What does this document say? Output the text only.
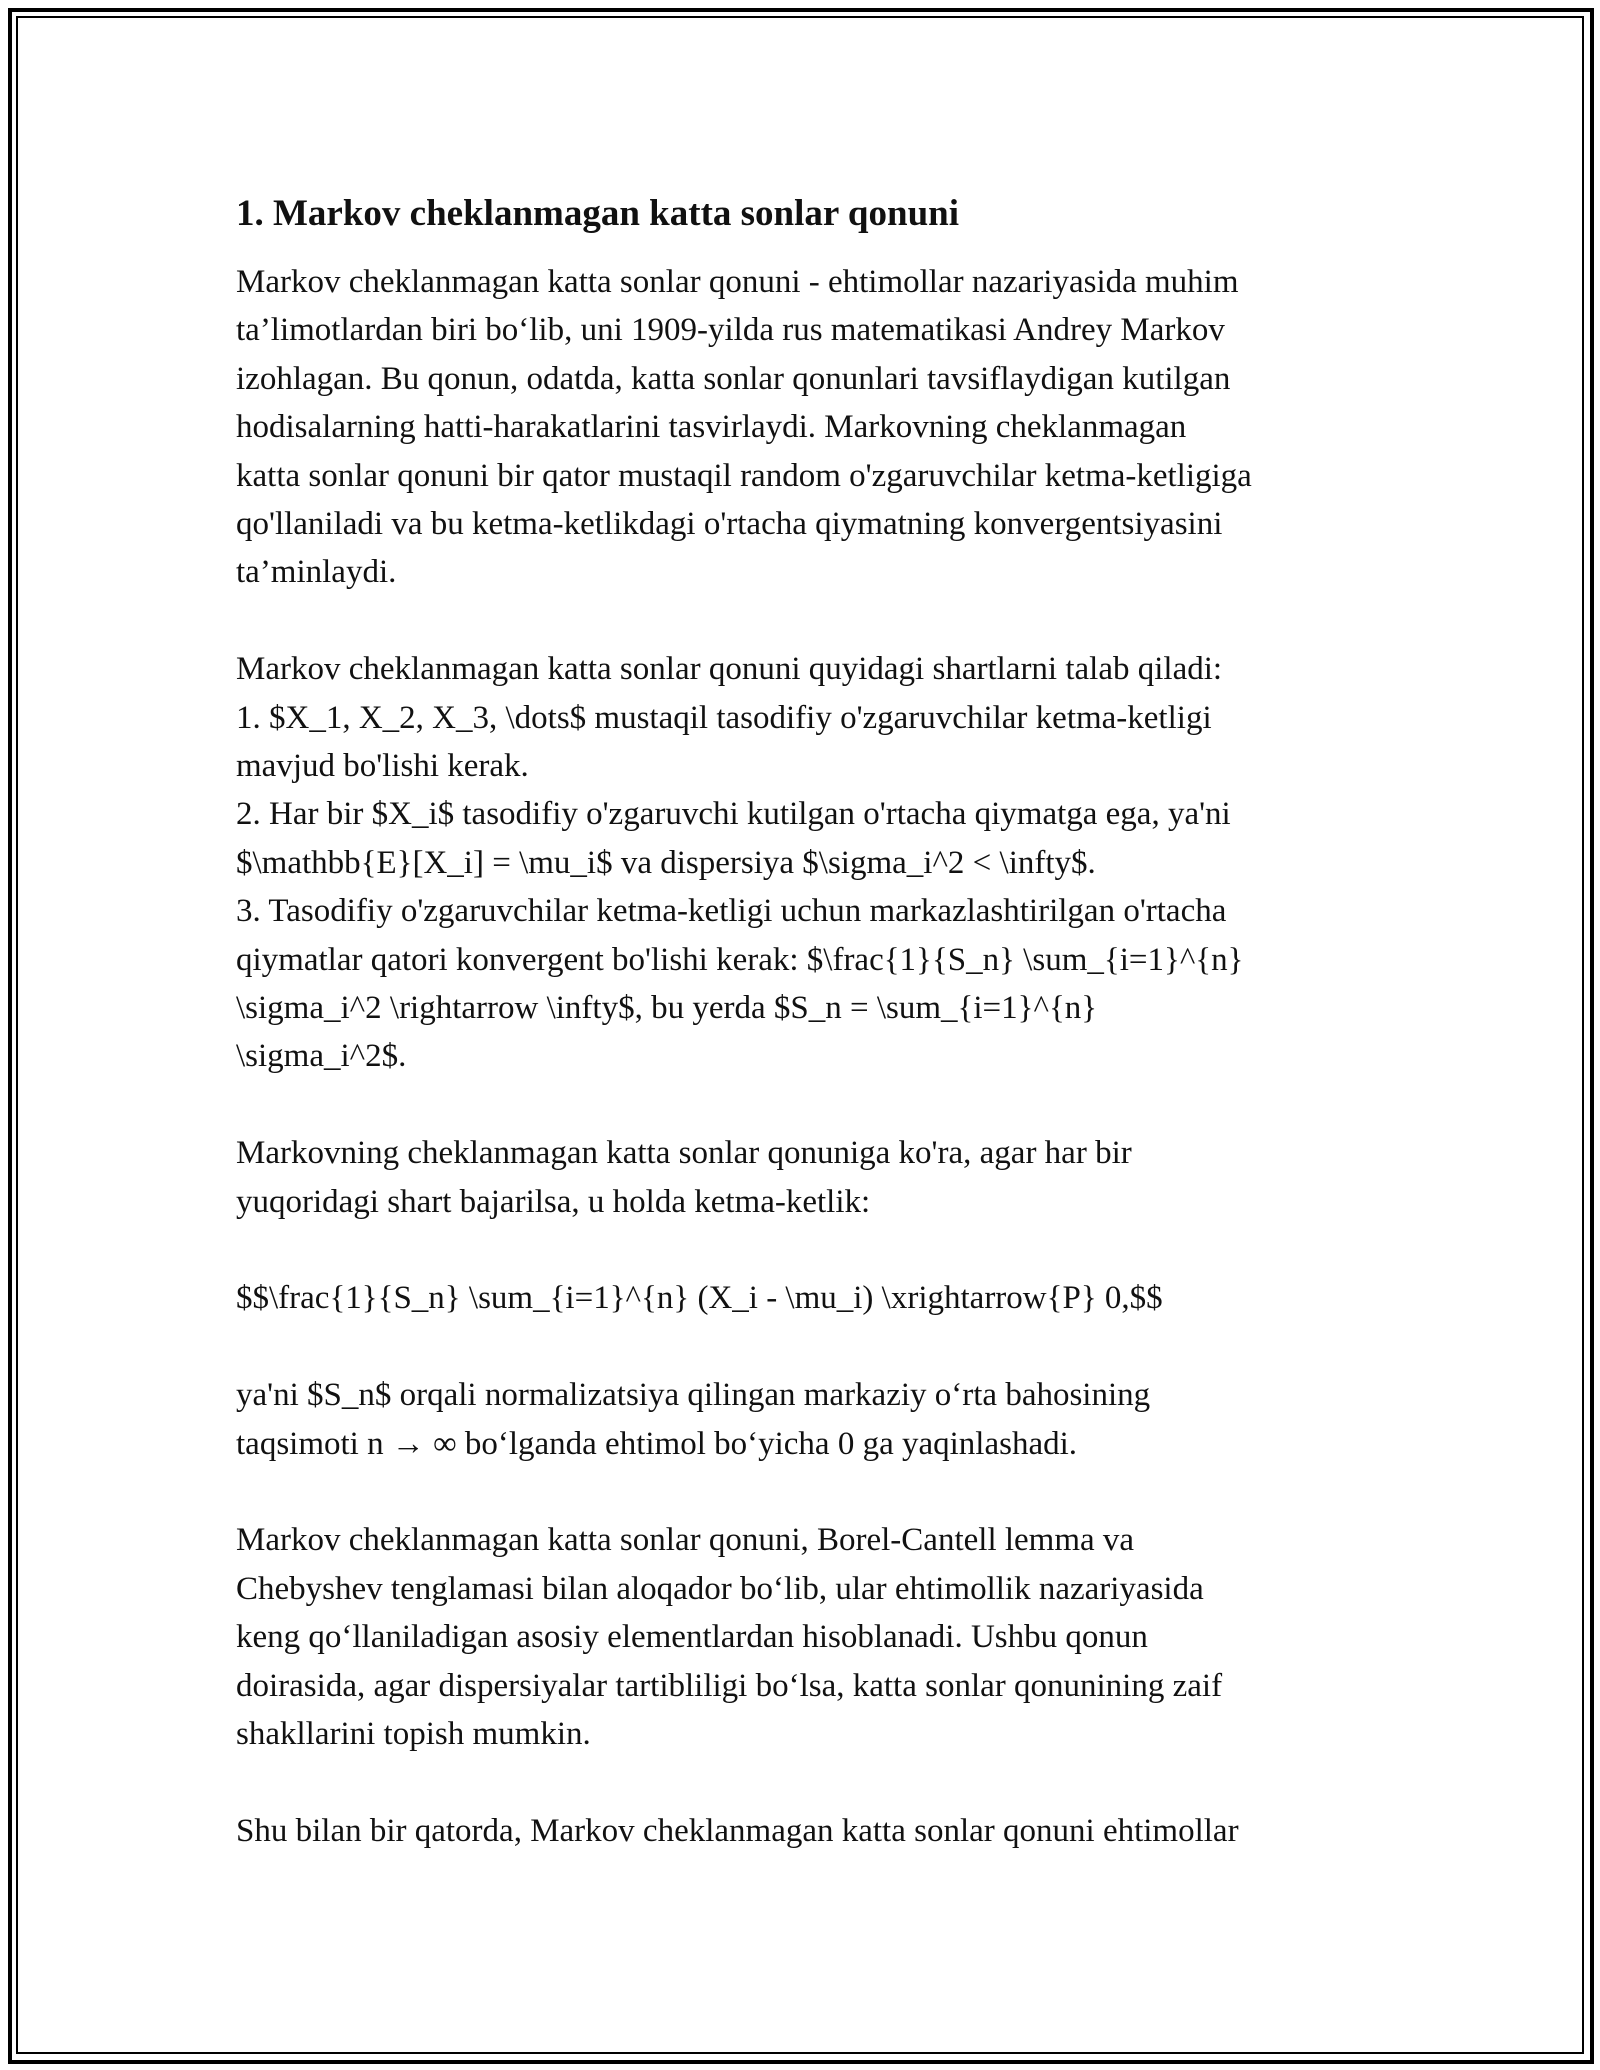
1. Markov cheklanmagan katta sonlar qonuni

Markov cheklanmagan katta sonlar qonuni - ehtimollar nazariyasida muhim
ta’limotlardan biri bo‘lib, uni 1909-yilda rus matematikasi Andrey Markov
izohlagan. Bu qonun, odatda, katta sonlar qonunlari tavsiflaydigan kutilgan
hodisalarning hatti-harakatlarini tasvirlaydi. Markovning cheklanmagan
katta sonlar qonuni bir qator mustaqil random o'zgaruvchilar ketma-ketligiga
qo'llaniladi va bu ketma-ketlikdagi o'rtacha qiymatning konvergentsiyasini
ta’minlaydi.

Markov cheklanmagan katta sonlar qonuni quyidagi shartlarni talab qiladi:
1. $X_1, X_2, X_3, \dots$ mustaqil tasodifiy o'zgaruvchilar ketma-ketligi
mavjud bo'lishi kerak.
2. Har bir $X_i$ tasodifiy o'zgaruvchi kutilgan o'rtacha qiymatga ega, ya'ni
$\mathbb{E}[X_i] = \mu_i$ va dispersiya $\sigma_i^2 < \infty$.
3. Tasodifiy o'zgaruvchilar ketma-ketligi uchun markazlashtirilgan o'rtacha
qiymatlar qatori konvergent bo'lishi kerak: $\frac{1}{S_n} \sum_{i=1}^{n}
\sigma_i^2 \rightarrow \infty$, bu yerda $S_n = \sum_{i=1}^{n}
\sigma_i^2$.

Markovning cheklanmagan katta sonlar qonuniga ko'ra, agar har bir
yuqoridagi shart bajarilsa, u holda ketma-ketlik:

$$\frac{1}{S_n} \sum_{i=1}^{n} (X_i - \mu_i) \xrightarrow{P} 0,$$

ya'ni $S_n$ orqali normalizatsiya qilingan markaziy o‘rta bahosining
taqsimoti n → ∞ bo‘lganda ehtimol bo‘yicha 0 ga yaqinlashadi.

Markov cheklanmagan katta sonlar qonuni, Borel-Cantell lemma va
Chebyshev tenglamasi bilan aloqador bo‘lib, ular ehtimollik nazariyasida
keng qo‘llaniladigan asosiy elementlardan hisoblanadi. Ushbu qonun
doirasida, agar dispersiyalar tartibliligi bo‘lsa, katta sonlar qonunining zaif
shakllarini topish mumkin.

Shu bilan bir qatorda, Markov cheklanmagan katta sonlar qonuni ehtimollar
